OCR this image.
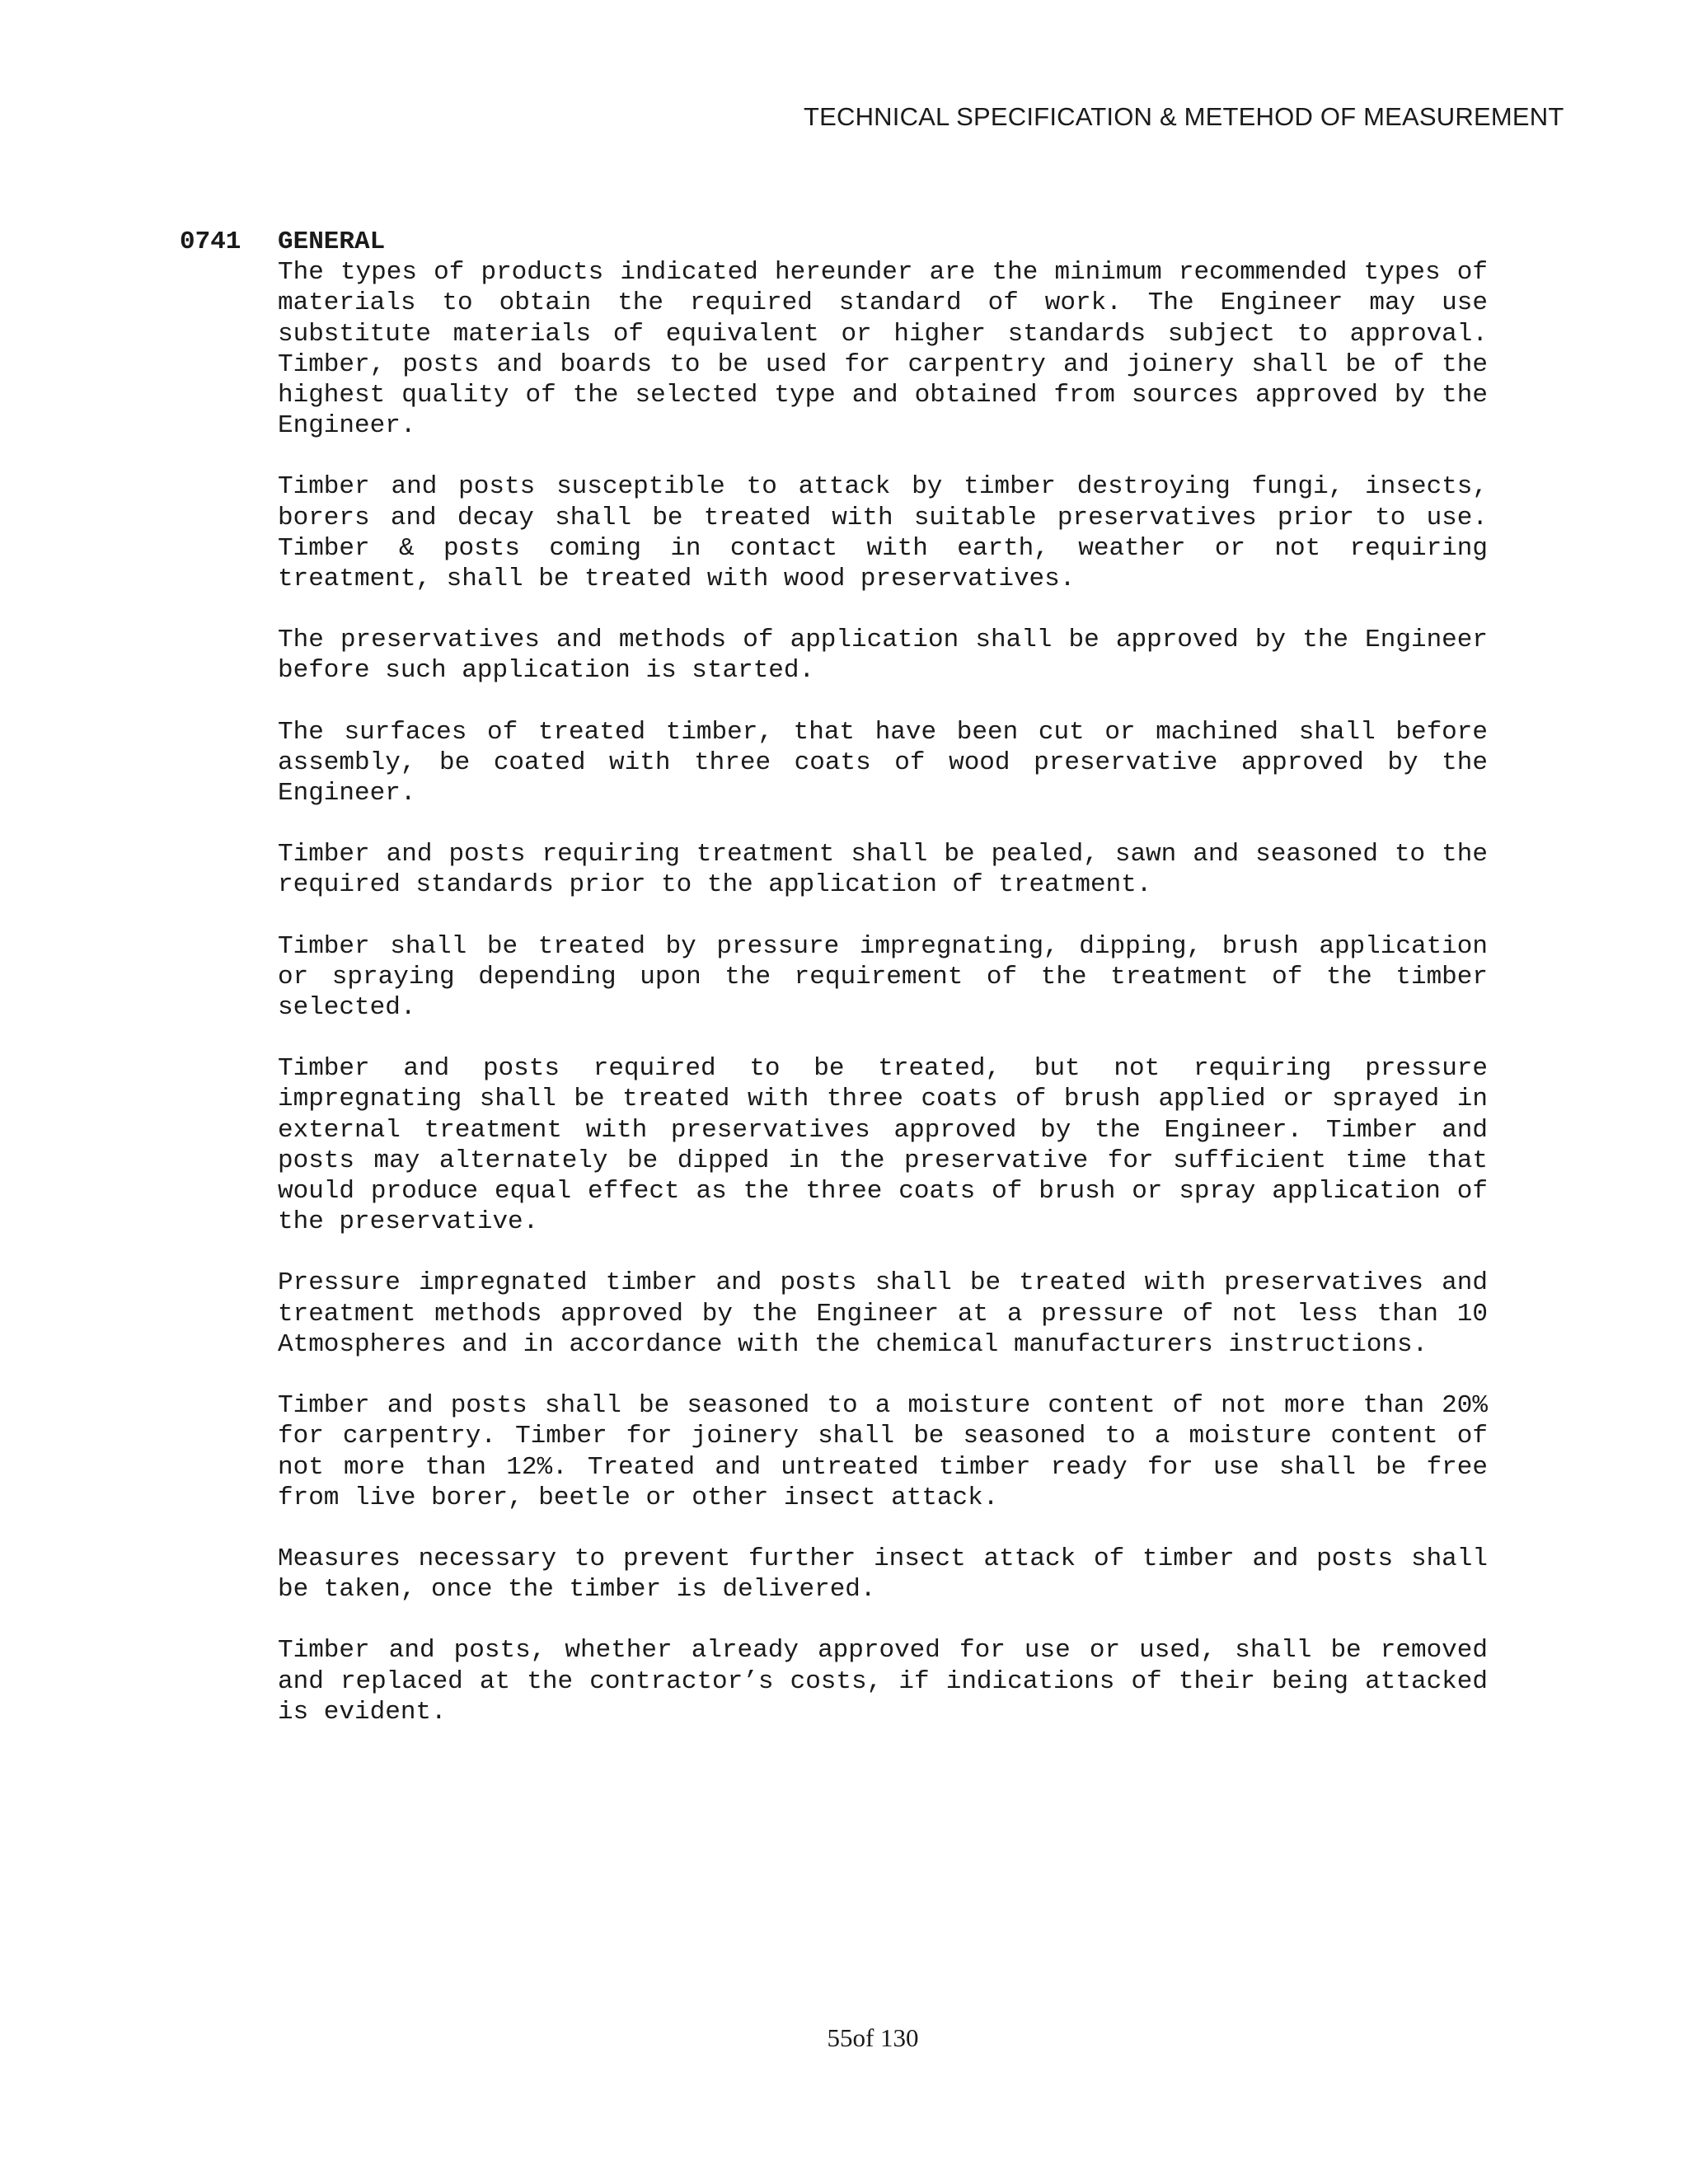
TECHNICAL SPECIFICATION & METEHOD OF MEASUREMENT
0741 GENERAL

The types of products indicated hereunder are the minimum recommended types of materials to obtain the required standard of work. The Engineer may use substitute materials of equivalent or higher standards subject to approval. Timber, posts and boards to be used for carpentry and joinery shall be of the highest quality of the selected type and obtained from sources approved by the Engineer.

Timber and posts susceptible to attack by timber destroying fungi, insects, borers and decay shall be treated with suitable preservatives prior to use. Timber & posts coming in contact with earth, weather or not requiring treatment, shall be treated with wood preservatives.

The preservatives and methods of application shall be approved by the Engineer before such application is started.

The surfaces of treated timber, that have been cut or machined shall before assembly, be coated with three coats of wood preservative approved by the Engineer.

Timber and posts requiring treatment shall be pealed, sawn and seasoned to the required standards prior to the application of treatment.

Timber shall be treated by pressure impregnating, dipping, brush application or spraying depending upon the requirement of the treatment of the timber selected.

Timber and posts required to be treated, but not requiring pressure impregnating shall be treated with three coats of brush applied or sprayed in external treatment with preservatives approved by the Engineer. Timber and posts may alternately be dipped in the preservative for sufficient time that would produce equal effect as the three coats of brush or spray application of the preservative.

Pressure impregnated timber and posts shall be treated with preservatives and treatment methods approved by the Engineer at a pressure of not less than 10 Atmospheres and in accordance with the chemical manufacturers instructions.

Timber and posts shall be seasoned to a moisture content of not more than 20% for carpentry. Timber for joinery shall be seasoned to a moisture content of not more than 12%. Treated and untreated timber ready for use shall be free from live borer, beetle or other insect attack.

Measures necessary to prevent further insect attack of timber and posts shall be taken, once the timber is delivered.

Timber and posts, whether already approved for use or used, shall be removed and replaced at the contractor’s costs, if indications of their being attacked is evident.

55of 130
